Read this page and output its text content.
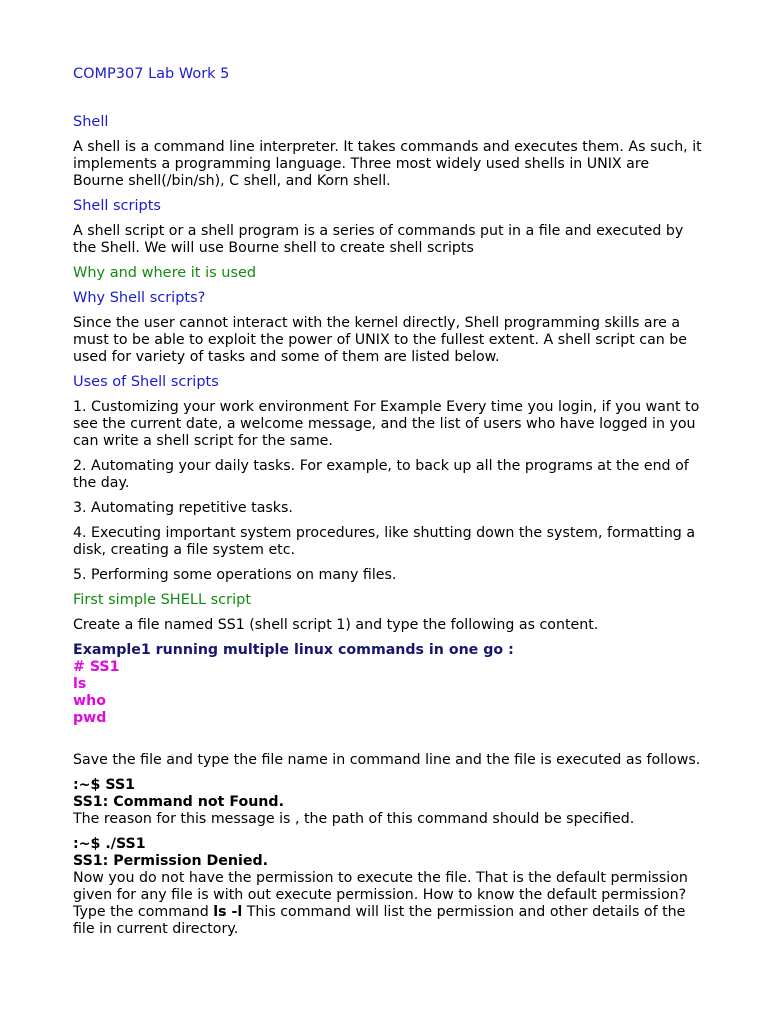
COMP307 Lab Work 5
Shell

A shell is a command line interpreter. It takes commands and executes them. As such, it implements a programming language. Three most widely used shells in UNIX are Bourne shell(/bin/sh), C shell, and Korn shell.

Shell scripts

A shell script or a shell program is a series of commands put in a file and executed by the Shell. We will use Bourne shell to create shell scripts

Why and where it is used
Why Shell scripts?

Since the user cannot interact with the kernel directly, Shell programming skills are a must to be able to exploit the power of UNIX to the fullest extent. A shell script can be used for variety of tasks and some of them are listed below.

Uses of Shell scripts

1. Customizing your work environment For Example Every time you login, if you want to see the current date, a welcome message, and the list of users who have logged in you can write a shell script for the same.

2. Automating your daily tasks. For example, to back up all the programs at the end of the day.

3. Automating repetitive tasks.

4. Executing important system procedures, like shutting down the system, formatting a disk, creating a file system etc.

5. Performing some operations on many files.

First simple SHELL script

Create a file named SS1 (shell script 1) and type the following as content.

Example1 running multiple linux commands in one go :
# SS1
ls
who
pwd

Save the file and type the file name in command line and the file is executed as follows.

:~$ SS1
SS1: Command not Found.

The reason for this message is , the path of this command should be specified.

:~$ ./SS1
SS1: Permission Denied.

Now you do not have the permission to execute the file. That is the default permission given for any file is with out execute permission. How to know the default permission? Type the command ls -l This command will list the permission and other details of the file in current directory.
